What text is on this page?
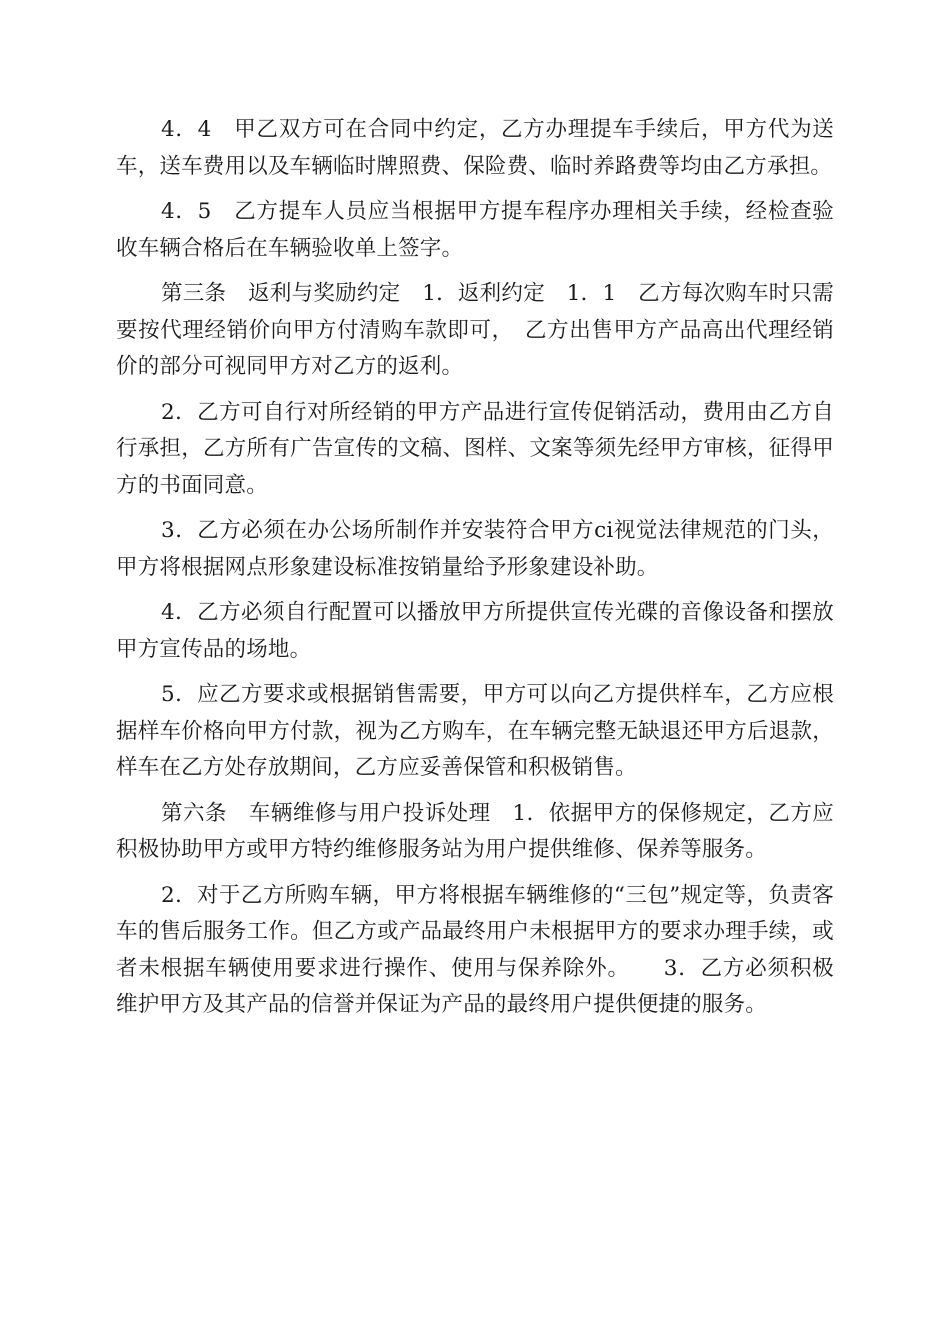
4．4　甲乙双方可在合同中约定，乙方办理提车手续后，甲方代为送车，送车费用以及车辆临时牌照费、保险费、临时养路费等均由乙方承担。

4．5　乙方提车人员应当根据甲方提车程序办理相关手续，经检查验收车辆合格后在车辆验收单上签字。

第三条　返利与奖励约定　1．返利约定　1．1　乙方每次购车时只需要按代理经销价向甲方付清购车款即可，　乙方出售甲方产品高出代理经销价的部分可视同甲方对乙方的返利。

2．乙方可自行对所经销的甲方产品进行宣传促销活动，费用由乙方自行承担，乙方所有广告宣传的文稿、图样、文案等须先经甲方审核，征得甲方的书面同意。

3．乙方必须在办公场所制作并安装符合甲方ci视觉法律规范的门头，甲方将根据网点形象建设标准按销量给予形象建设补助。

4．乙方必须自行配置可以播放甲方所提供宣传光碟的音像设备和摆放甲方宣传品的场地。

5．应乙方要求或根据销售需要，甲方可以向乙方提供样车，乙方应根据样车价格向甲方付款，视为乙方购车，在车辆完整无缺退还甲方后退款，样车在乙方处存放期间，乙方应妥善保管和积极销售。

第六条　车辆维修与用户投诉处理　1．依据甲方的保修规定，乙方应积极协助甲方或甲方特约维修服务站为用户提供维修、保养等服务。

2．对于乙方所购车辆，甲方将根据车辆维修的“三包”规定等，负责客车的售后服务工作。但乙方或产品最终用户未根据甲方的要求办理手续，或者未根据车辆使用要求进行操作、使用与保养除外。　　3．乙方必须积极维护甲方及其产品的信誉并保证为产品的最终用户提供便捷的服务。
